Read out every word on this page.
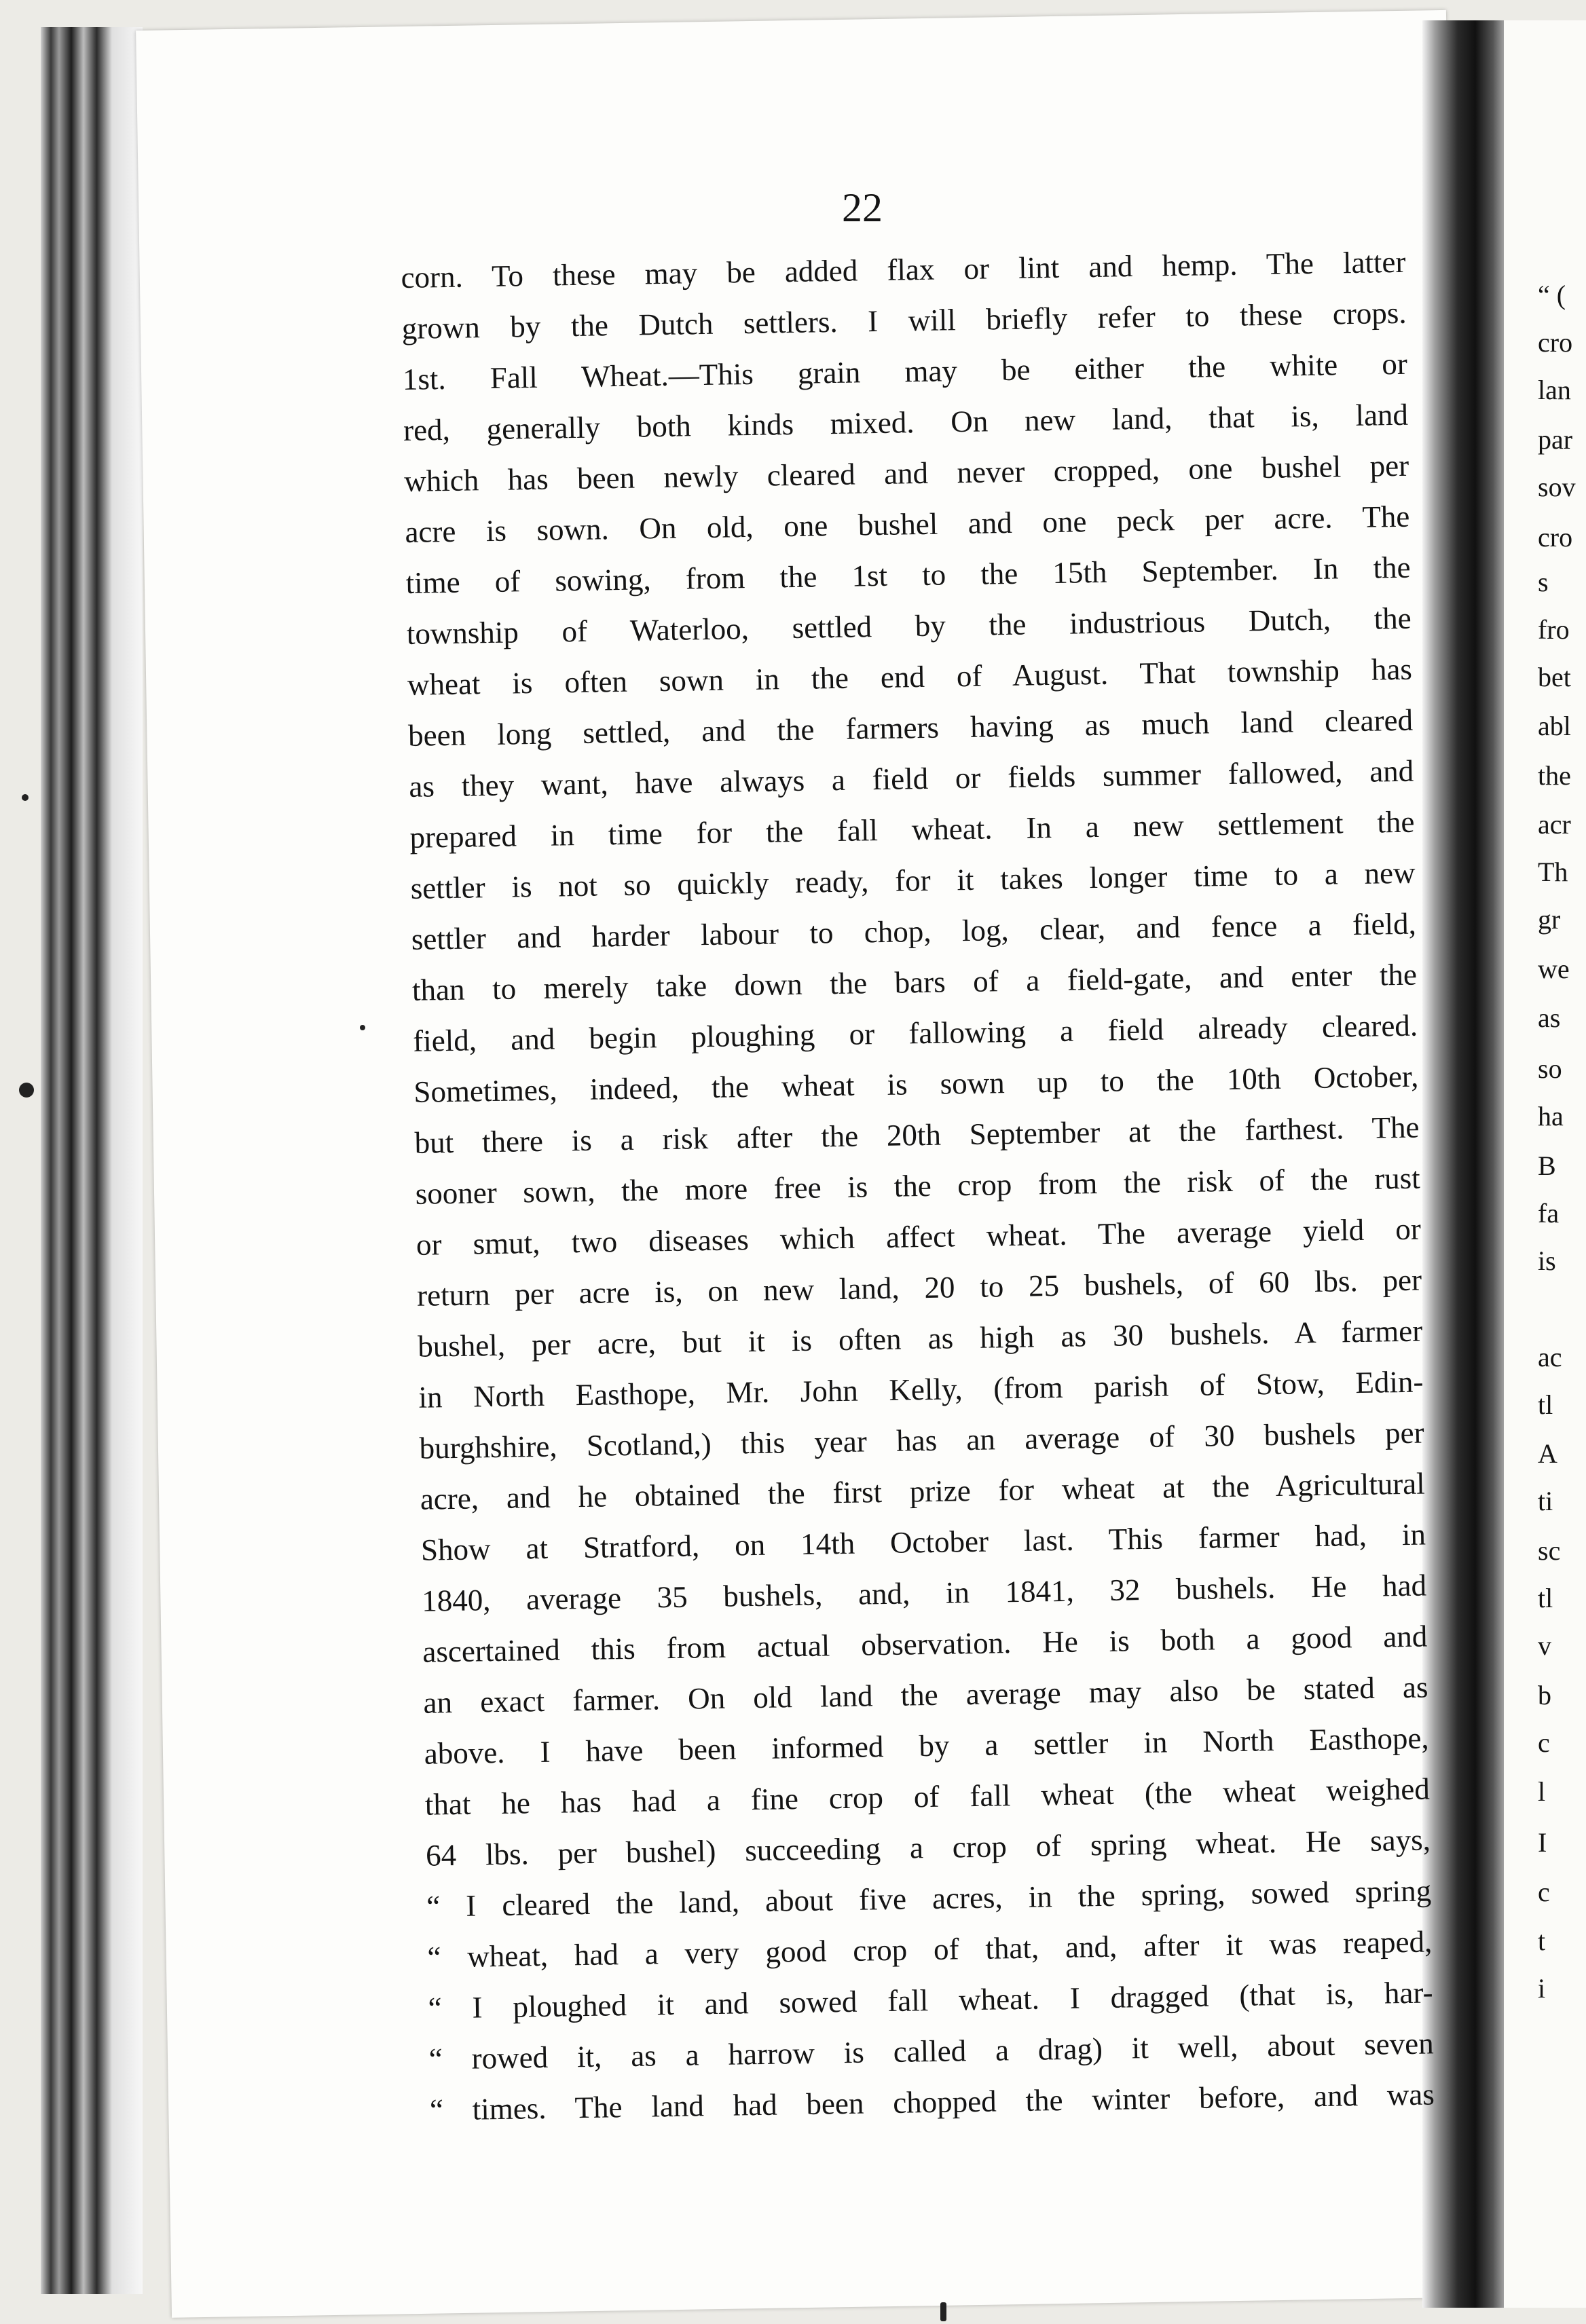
“ (
cro
lan
par
sov
cro
s
fro
bet
abl
the
acr
Th
gr
we
as
so
ha
B
fa
is
ac
tl
A
ti
sc
tl
v
b
c
l
I
c
t
i
22
corn. To these may be added flax or lint and hemp. The latter
grown by the Dutch settlers. I will briefly refer to these crops.
1st. Fall Wheat.—This grain may be either the white or
red, generally both kinds mixed. On new land, that is, land
which has been newly cleared and never cropped, one bushel per
acre is sown. On old, one bushel and one peck per acre. The
time of sowing, from the 1st to the 15th September. In the
township of Waterloo, settled by the industrious Dutch, the
wheat is often sown in the end of August. That township has
been long settled, and the farmers having as much land cleared
as they want, have always a field or fields summer fallowed, and
prepared in time for the fall wheat. In a new settlement the
settler is not so quickly ready, for it takes longer time to a new
settler and harder labour to chop, log, clear, and fence a field,
than to merely take down the bars of a field-gate, and enter the
field, and begin ploughing or fallowing a field already cleared.
Sometimes, indeed, the wheat is sown up to the 10th October,
but there is a risk after the 20th September at the farthest. The
sooner sown, the more free is the crop from the risk of the rust
or smut, two diseases which affect wheat. The average yield or
return per acre is, on new land, 20 to 25 bushels, of 60 lbs. per
bushel, per acre, but it is often as high as 30 bushels. A farmer
in North Easthope, Mr. John Kelly, (from parish of Stow, Edin-
burghshire, Scotland,) this year has an average of 30 bushels per
acre, and he obtained the first prize for wheat at the Agricultural
Show at Stratford, on 14th October last. This farmer had, in
1840, average 35 bushels, and, in 1841, 32 bushels. He had
ascertained this from actual observation. He is both a good and
an exact farmer. On old land the average may also be stated as
above. I have been informed by a settler in North Easthope,
that he has had a fine crop of fall wheat (the wheat weighed
64 lbs. per bushel) succeeding a crop of spring wheat. He says,
“ I cleared the land, about five acres, in the spring, sowed spring
“ wheat, had a very good crop of that, and, after it was reaped,
“ I ploughed it and sowed fall wheat. I dragged (that is, har-
“ rowed it, as a harrow is called a drag) it well, about seven
“ times. The land had been chopped the winter before, and was
